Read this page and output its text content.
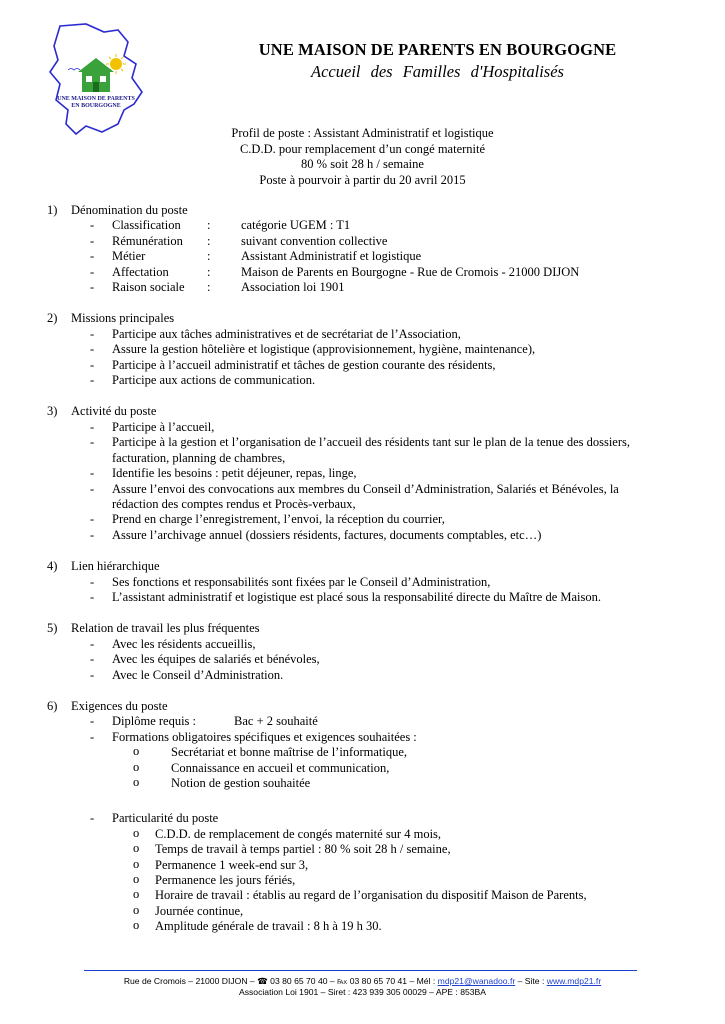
UNE MAISON DE PARENTS
EN BOURGOGNE
UNE MAISON DE PARENTS EN BOURGOGNE
Accueil des Familles d'Hospitalisés
Profil de poste : Assistant Administratif et logistique
C.D.D. pour remplacement d’un congé maternité
80 % soit 28 h / semaine
Poste à pourvoir à partir du 20 avril 2015
1) Dénomination du poste
- Classification : catégorie UGEM : T1
- Rémunération : suivant convention collective
- Métier	: Assistant Administratif et logistique
- Affectation	: Maison de Parents en Bourgogne - Rue de Cromois - 21000 DIJON
- Raison sociale : Association loi 1901
2) Missions principales
- Participe aux tâches administratives et de secrétariat de l’Association,
- Assure la gestion hôtelière et logistique (approvisionnement, hygiène, maintenance),
- Participe à l’accueil administratif et tâches de gestion courante des résidents,
- Participe aux actions de communication.
3) Activité du poste
- Participe à l’accueil,
- Participe à la gestion et l’organisation de l’accueil des résidents tant sur le plan de la tenue des dossiers, facturation, planning de chambres,
- Identifie les besoins : petit déjeuner, repas, linge,
- Assure l’envoi des convocations aux membres du Conseil d’Administration, Salariés et Bénévoles, la rédaction des comptes rendus et Procès-verbaux,
- Prend en charge l’enregistrement, l’envoi, la réception du courrier,
- Assure l’archivage annuel (dossiers résidents, factures, documents comptables, etc…)
4) Lien hiérarchique
- Ses fonctions et responsabilités sont fixées par le Conseil d’Administration,
- L’assistant administratif et logistique est placé sous la responsabilité directe du Maître de Maison.
5) Relation de travail les plus fréquentes
- Avec les résidents accueillis,
- Avec les équipes de salariés et bénévoles,
- Avec le Conseil d’Administration.
6) Exigences du poste
- Diplôme requis :	Bac + 2 souhaité
- Formations obligatoires spécifiques et exigences souhaitées :
o	Secrétariat et bonne maîtrise de l’informatique,
o	Connaissance en accueil et communication,
o	Notion de gestion souhaitée
- Particularité du poste
o C.D.D. de remplacement de congés maternité sur 4 mois,
o Temps de travail à temps partiel : 80 % soit 28 h / semaine,
o Permanence 1 week-end sur 3,
o Permanence les jours fériés,
o Horaire de travail : établis au regard de l’organisation du dispositif Maison de Parents,
o Journée continue,
o Amplitude générale de travail : 8 h à 19 h 30.
Rue de Cromois – 21000 DIJON – ☎ 03 80 65 70 40 – ℻ 03 80 65 70 41 – Mél : mdp21@wanadoo.fr – Site : www.mdp21.fr
Association Loi 1901 – Siret : 423 939 305 00029 – APE : 853BA
